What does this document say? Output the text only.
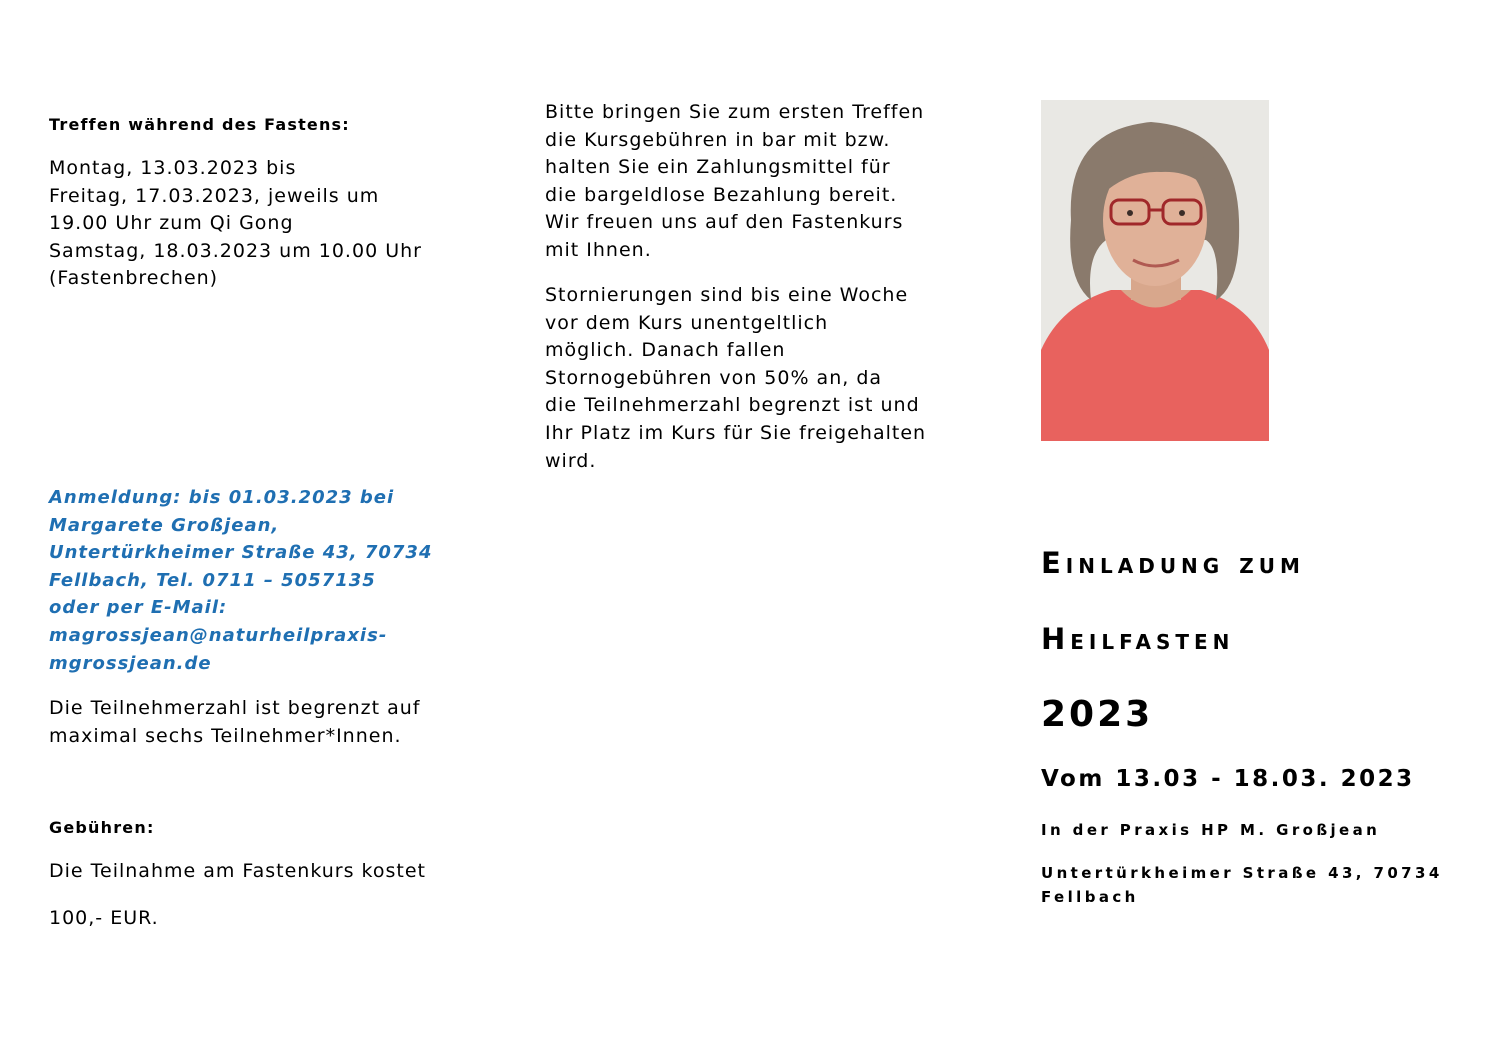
Treffen während des Fastens:

Montag, 13.03.2023 bis
Freitag, 17.03.2023, jeweils um
19.00 Uhr zum Qi Gong
Samstag, 18.03.2023 um 10.00 Uhr
(Fastenbrechen)

Anmeldung: bis 01.03.2023 bei
Margarete Großjean,
Untertürkheimer Straße 43, 70734
Fellbach, Tel. 0711 – 5057135
oder per E-Mail:
magrossjean@naturheilpraxis-
mgrossjean.de

Die Teilnehmerzahl ist begrenzt auf
maximal sechs Teilnehmer*Innen.

Gebühren:

Die Teilnahme am Fastenkurs kostet

100,- EUR.

Bitte bringen Sie zum ersten Treffen
die Kursgebühren in bar mit bzw.
halten Sie ein Zahlungsmittel für
die bargeldlose Bezahlung bereit.
Wir freuen uns auf den Fastenkurs
mit Ihnen.

Stornierungen sind bis eine Woche
vor dem Kurs unentgeltlich
möglich. Danach fallen
Stornogebühren von 50% an, da
die Teilnehmerzahl begrenzt ist und
Ihr Platz im Kurs für Sie freigehalten
wird.

Einladung zum

Heilfasten

2023

Vom 13.03 - 18.03. 2023

In der Praxis HP M. Großjean

Untertürkheimer Straße 43, 70734
Fellbach
